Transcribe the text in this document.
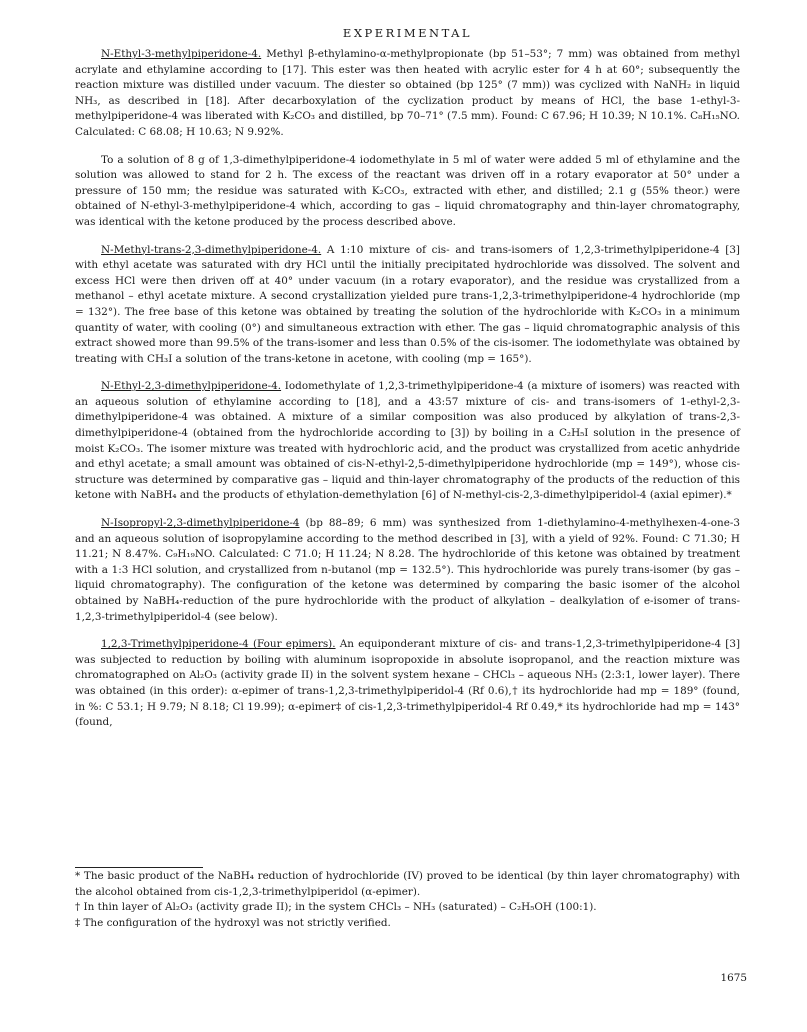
EXPERIMENTAL

N-Ethyl-3-methylpiperidone-4. Methyl β-ethylamino-α-methylpropionate (bp 51–53°; 7 mm) was obtained from methyl acrylate and ethylamine according to [17]. This ester was then heated with acrylic ester for 4 h at 60°; subsequently the reaction mixture was distilled under vacuum. The diester so obtained (bp 125° (7 mm)) was cyclized with NaNH₂ in liquid NH₃, as described in [18]. After decarboxylation of the cyclization product by means of HCl, the base 1-ethyl-3-methylpiperidone-4 was liberated with K₂CO₃ and distilled, bp 70–71° (7.5 mm). Found: C 67.96; H 10.39; N 10.1%. C₈H₁₅NO. Calculated: C 68.08; H 10.63; N 9.92%.

To a solution of 8 g of 1,3-dimethylpiperidone-4 iodomethylate in 5 ml of water were added 5 ml of ethylamine and the solution was allowed to stand for 2 h. The excess of the reactant was driven off in a rotary evaporator at 50° under a pressure of 150 mm; the residue was saturated with K₂CO₃, extracted with ether, and distilled; 2.1 g (55% theor.) were obtained of N-ethyl-3-methylpiperidone-4 which, according to gas – liquid chromatography and thin-layer chromatography, was identical with the ketone produced by the process described above.

N-Methyl-trans-2,3-dimethylpiperidone-4. A 1:10 mixture of cis- and trans-isomers of 1,2,3-trimethylpiperidone-4 [3] with ethyl acetate was saturated with dry HCl until the initially precipitated hydrochloride was dissolved. The solvent and excess HCl were then driven off at 40° under vacuum (in a rotary evaporator), and the residue was crystallized from a methanol – ethyl acetate mixture. A second crystallization yielded pure trans-1,2,3-trimethylpiperidone-4 hydrochloride (mp = 132°). The free base of this ketone was obtained by treating the solution of the hydrochloride with K₂CO₃ in a minimum quantity of water, with cooling (0°) and simultaneous extraction with ether. The gas – liquid chromatographic analysis of this extract showed more than 99.5% of the trans-isomer and less than 0.5% of the cis-isomer. The iodomethylate was obtained by treating with CH₃I a solution of the trans-ketone in acetone, with cooling (mp = 165°).

N-Ethyl-2,3-dimethylpiperidone-4. Iodomethylate of 1,2,3-trimethylpiperidone-4 (a mixture of isomers) was reacted with an aqueous solution of ethylamine according to [18], and a 43:57 mixture of cis- and trans-isomers of 1-ethyl-2,3-dimethylpiperidone-4 was obtained. A mixture of a similar composition was also produced by alkylation of trans-2,3-dimethylpiperidone-4 (obtained from the hydrochloride according to [3]) by boiling in a C₂H₅I solution in the presence of moist K₂CO₃. The isomer mixture was treated with hydrochloric acid, and the product was crystallized from acetic anhydride and ethyl acetate; a small amount was obtained of cis-N-ethyl-2,5-dimethylpiperidone hydrochloride (mp = 149°), whose cis-structure was determined by comparative gas – liquid and thin-layer chromatography of the products of the reduction of this ketone with NaBH₄ and the products of ethylation-demethylation [6] of N-methyl-cis-2,3-dimethylpiperidol-4 (axial epimer).*

N-Isopropyl-2,3-dimethylpiperidone-4 (bp 88–89; 6 mm) was synthesized from 1-diethylamino-4-methylhexen-4-one-3 and an aqueous solution of isopropylamine according to the method described in [3], with a yield of 92%. Found: C 71.30; H 11.21; N 8.47%. C₉H₁₉NO. Calculated: C 71.0; H 11.24; N 8.28. The hydrochloride of this ketone was obtained by treatment with a 1:3 HCl solution, and crystallized from n-butanol (mp = 132.5°). This hydrochloride was purely trans-isomer (by gas – liquid chromatography). The configuration of the ketone was determined by comparing the basic isomer of the alcohol obtained by NaBH₄-reduction of the pure hydrochloride with the product of alkylation – dealkylation of e-isomer of trans-1,2,3-trimethylpiperidol-4 (see below).

1,2,3-Trimethylpiperidone-4 (Four epimers). An equiponderant mixture of cis- and trans-1,2,3-trimethylpiperidone-4 [3] was subjected to reduction by boiling with aluminum isopropoxide in absolute isopropanol, and the reaction mixture was chromatographed on Al₂O₃ (activity grade II) in the solvent system hexane – CHCl₃ – aqueous NH₃ (2:3:1, lower layer). There was obtained (in this order): α-epimer of trans-1,2,3-trimethylpiperidol-4 (Rf 0.6),† its hydrochloride had mp = 189° (found, in %: C 53.1; H 9.79; N 8.18; Cl 19.99); α-epimer‡ of cis-1,2,3-trimethylpiperidol-4 Rf 0.49,* its hydrochloride had mp = 143° (found,

* The basic product of the NaBH₄ reduction of hydrochloride (IV) proved to be identical (by thin layer chromatography) with the alcohol obtained from cis-1,2,3-trimethylpiperidol (α-epimer).

† In thin layer of Al₂O₃ (activity grade II); in the system CHCl₃ – NH₃ (saturated) – C₂H₅OH (100:1).

‡ The configuration of the hydroxyl was not strictly verified.

1675
